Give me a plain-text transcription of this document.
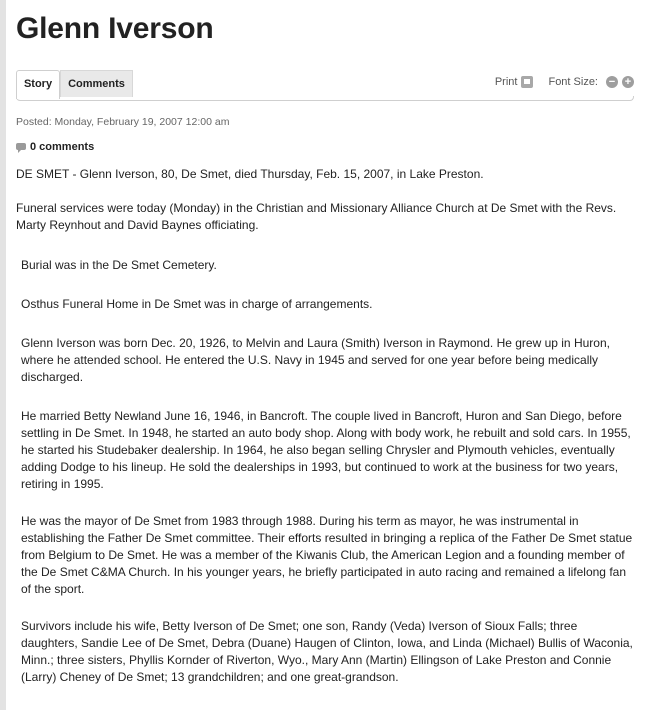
Glenn Iverson
Story	Comments	Print	Font Size: − +
Posted: Monday, February 19, 2007 12:00 am
0 comments

DE SMET - Glenn Iverson, 80, De Smet, died Thursday, Feb. 15, 2007, in Lake Preston.

Funeral services were today (Monday) in the Christian and Missionary Alliance Church at De Smet with the Revs. Marty Reynhout and David Baynes officiating.

Burial was in the De Smet Cemetery.

Osthus Funeral Home in De Smet was in charge of arrangements.

Glenn Iverson was born Dec. 20, 1926, to Melvin and Laura (Smith) Iverson in Raymond. He grew up in Huron, where he attended school. He entered the U.S. Navy in 1945 and served for one year before being medically discharged.

He married Betty Newland June 16, 1946, in Bancroft. The couple lived in Bancroft, Huron and San Diego, before settling in De Smet. In 1948, he started an auto body shop. Along with body work, he rebuilt and sold cars. In 1955, he started his Studebaker dealership. In 1964, he also began selling Chrysler and Plymouth vehicles, eventually adding Dodge to his lineup. He sold the dealerships in 1993, but continued to work at the business for two years, retiring in 1995.

He was the mayor of De Smet from 1983 through 1988. During his term as mayor, he was instrumental in establishing the Father De Smet committee. Their efforts resulted in bringing a replica of the Father De Smet statue from Belgium to De Smet. He was a member of the Kiwanis Club, the American Legion and a founding member of the De Smet C&MA Church. In his younger years, he briefly participated in auto racing and remained a lifelong fan of the sport.

Survivors include his wife, Betty Iverson of De Smet; one son, Randy (Veda) Iverson of Sioux Falls; three daughters, Sandie Lee of De Smet, Debra (Duane) Haugen of Clinton, Iowa, and Linda (Michael) Bullis of Waconia, Minn.; three sisters, Phyllis Kornder of Riverton, Wyo., Mary Ann (Martin) Ellingson of Lake Preston and Connie (Larry) Cheney of De Smet; 13 grandchildren; and one great-grandson.
